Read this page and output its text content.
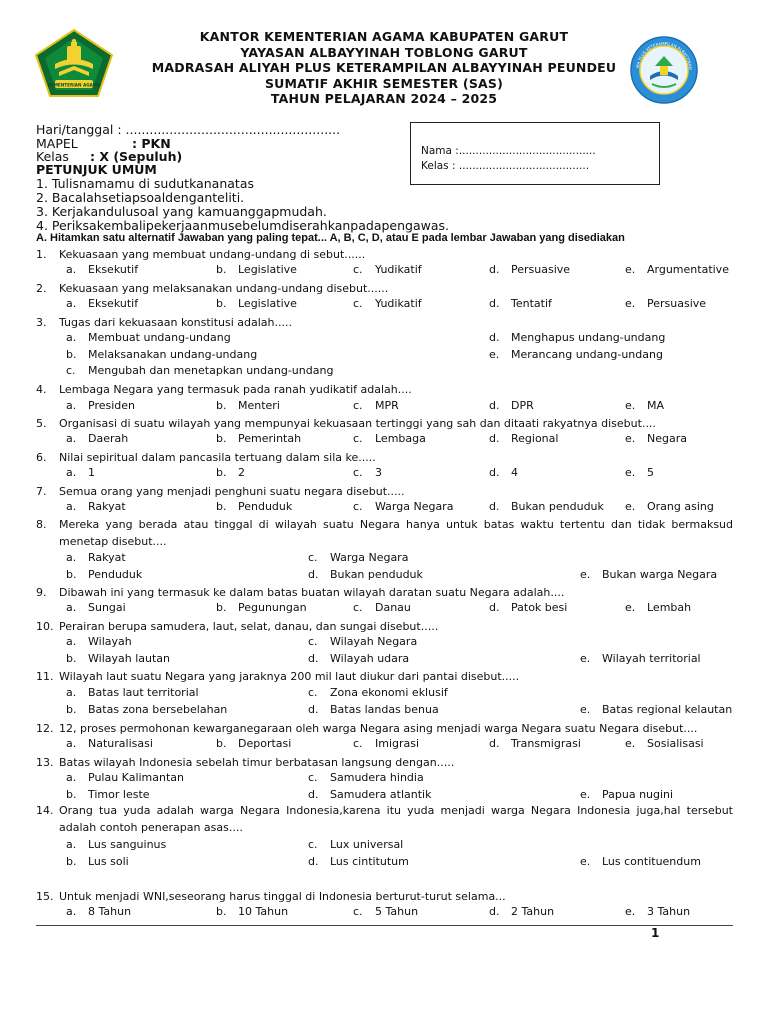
KANTOR KEMENTERIAN AGAMA KABUPATEN GARUT
YAYASAN ALBAYYINAH TOBLONG GARUT
MADRASAH ALIYAH PLUS KETERAMPILAN ALBAYYINAH PEUNDEU
SUMATIF AKHIR SEMESTER (SAS)
TAHUN PELAJARAN 2024 – 2025
KEMENTERIAN AGAMA
MA PLUS KETERAMPILAN ALBAYYINAH
Hari/tanggal : ......................................................
MAPEL	: PKN
Kelas : X (Sepuluh)	Nama :.........................................
Kelas : .......................................
PETUNJUK UMUM
1. Tulisnamamu di sudutkananatas
2. Bacalahsetiapsoaldenganteliti.
3. Kerjakandulusoal yang kamuanggapmudah.
4. Periksakembalipekerjaanmusebelumdiserahkanpadapengawas.
A. Hitamkan satu alternatif Jawaban yang paling tepat... A, B, C, D, atau E pada lembar Jawaban yang disediakan
1. Kekuasaan yang membuat undang-undang di sebut......
a. Eksekutif	b. Legislative	c. Yudikatif	d. Persuasive	e. Argumentative
2. Kekuasaan yang melaksanakan undang-undang disebut......
a. Eksekutif	b. Legislative	c. Yudikatif	d. Tentatif	e. Persuasive
3. Tugas dari kekuasaan konstitusi adalah.....
a. Membuat undang-undang	d. Menghapus undang-undang
b. Melaksanakan undang-undang	e. Merancang undang-undang
c. Mengubah dan menetapkan undang-undang
4. Lembaga Negara yang termasuk pada ranah yudikatif adalah....
a. Presiden	b. Menteri	c. MPR	d. DPR	e. MA
5. Organisasi di suatu wilayah yang mempunyai kekuasaan tertinggi yang sah dan ditaati rakyatnya disebut....
a. Daerah	b. Pemerintah	c. Lembaga	d. Regional	e. Negara
6. Nilai sepiritual dalam pancasila tertuang dalam sila ke.....
a. 1	b. 2	c. 3	d. 4	e. 5
7. Semua orang yang menjadi penghuni suatu negara disebut.....
a. Rakyat	b. Penduduk	c. Warga Negara	d. Bukan penduduk e. Orang asing
8. Mereka yang berada atau tinggal di wilayah suatu Negara hanya untuk batas waktu tertentu dan tidak bermaksud menetap disebut....
a. Rakyat	c. Warga Negara
b. Penduduk	d. Bukan penduduk	e. Bukan warga Negara
9. Dibawah ini yang termasuk ke dalam batas buatan wilayah daratan suatu Negara adalah....
a. Sungai	b. Pegunungan	c. Danau	d. Patok besi	e. Lembah
10. Perairan berupa samudera, laut, selat, danau, dan sungai disebut.....
a. Wilayah	c. Wilayah Negara
b. Wilayah lautan	d. Wilayah udara	e. Wilayah territorial
11. Wilayah laut suatu Negara yang jaraknya 200 mil laut diukur dari pantai disebut.....
a. Batas laut territorial	c. Zona ekonomi eklusif
b. Batas zona bersebelahan	d. Batas landas benua	e. Batas regional kelautan
12. 12, proses permohonan kewarganegaraan oleh warga Negara asing menjadi warga Negara suatu Negara disebut....
a. Naturalisasi	b. Deportasi	c. Imigrasi	d. Transmigrasi	e. Sosialisasi
13. Batas wilayah Indonesia sebelah timur berbatasan langsung dengan.....
a. Pulau Kalimantan	c. Samudera hindia
b. Timor leste	d. Samudera atlantik	e. Papua nugini
14. Orang tua yuda adalah warga Negara Indonesia,karena itu yuda menjadi warga Negara Indonesia juga,hal tersebut adalah contoh penerapan asas....
a. Lus sanguinus	c. Lux universal
b. Lus soli	d. Lus cintitutum	e. Lus contituendum
15. Untuk menjadi WNI,seseorang harus tinggal di Indonesia berturut-turut selama...
a. 8 Tahun	b. 10 Tahun	c. 5 Tahun	d. 2 Tahun	e. 3 Tahun
1
